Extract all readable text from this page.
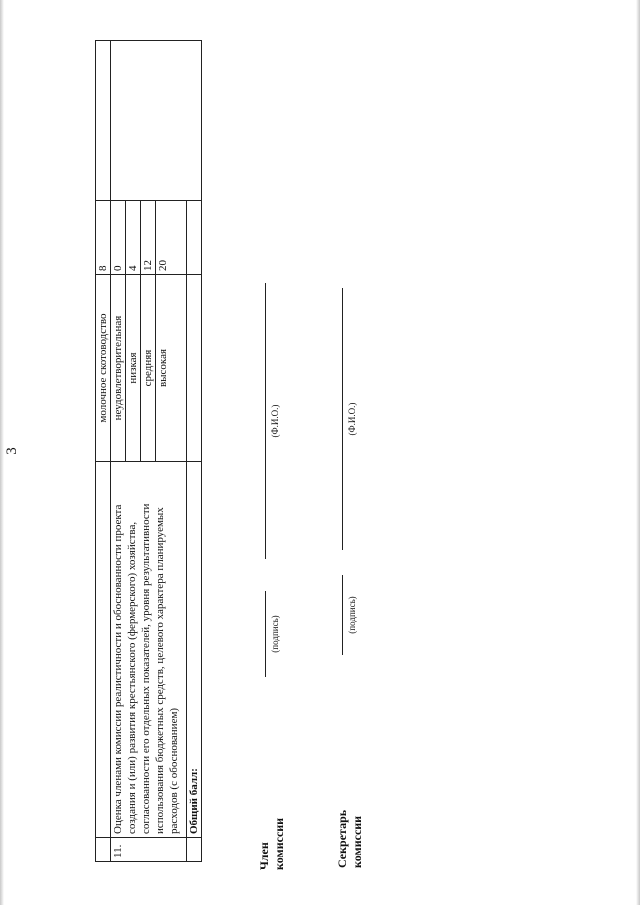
3
		молочное скотоводство	8	
11.	Оценка членами комиссии реалистичности и обоснованности проекта создания и (или) развития крестьянского (фермерского) хозяйства, согласованности его отдельных показателей, уровня результативности использования бюджетных средств, целевого характера планируемых расходов (с обоснованием)	неудовлетворительная	0	
		низкая	4	
		средняя	12	
		высокая	20	
	Общий балл:			
Член комиссии
(подпись)
(Ф.И.О.)
Секретарь комиссии
(подпись)
(Ф.И.О.)
